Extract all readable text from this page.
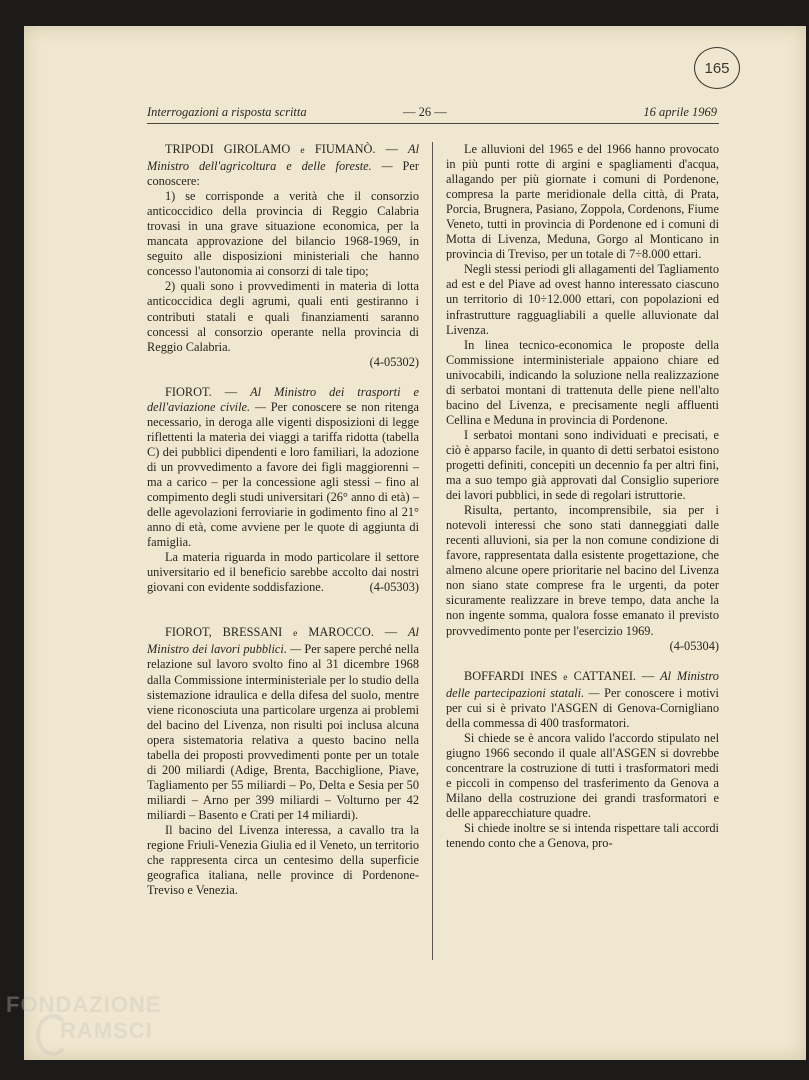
165
Interrogazioni a risposta scritta	— 26 —	16 aprile 1969

TRIPODI GIROLAMO e FIUMANÒ. — Al Ministro dell'agricoltura e delle foreste. — Per conoscere:

1) se corrisponde a verità che il consorzio anticoccidico della provincia di Reggio Calabria trovasi in una grave situazione economica, per la mancata approvazione del bilancio 1968-1969, in seguito alle disposizioni ministeriali che hanno concesso l'autonomia ai consorzi di tale tipo;

2) quali sono i provvedimenti in materia di lotta anticoccidica degli agrumi, quali enti gestiranno i contributi statali e quali finanziamenti saranno concessi al consorzio operante nella provincia di Reggio Calabria.

(4-05302)

FIOROT. — Al Ministro dei trasporti e dell'aviazione civile. — Per conoscere se non ritenga necessario, in deroga alle vigenti disposizioni di legge riflettenti la materia dei viaggi a tariffa ridotta (tabella C) dei pubblici dipendenti e loro familiari, la adozione di un provvedimento a favore dei figli maggiorenni – ma a carico – per la concessione agli stessi – fino al compimento degli studi universitari (26° anno di età) – delle agevolazioni ferroviarie in godimento fino al 21° anno di età, come avviene per le quote di aggiunta di famiglia.

La materia riguarda in modo particolare il settore universitario ed il beneficio sarebbe accolto dai nostri giovani con evidente soddisfazione.	(4-05303)

FIOROT, BRESSANI e MAROCCO. — Al Ministro dei lavori pubblici. — Per sapere perché nella relazione sul lavoro svolto fino al 31 dicembre 1968 dalla Commissione interministeriale per lo studio della sistemazione idraulica e della difesa del suolo, mentre viene riconosciuta una particolare urgenza ai problemi del bacino del Livenza, non risulti poi inclusa alcuna opera sistematoria relativa a questo bacino nella tabella dei proposti provvedimenti ponte per un totale di 200 miliardi (Adige, Brenta, Bacchiglione, Piave, Tagliamento per 55 miliardi – Po, Delta e Sesia per 50 miliardi – Arno per 399 miliardi – Volturno per 42 miliardi – Basento e Crati per 14 miliardi).

Il bacino del Livenza interessa, a cavallo tra la regione Friuli-Venezia Giulia ed il Veneto, un territorio che rappresenta circa un centesimo della superficie geografica italiana, nelle province di Pordenone-Treviso e Venezia.

Le alluvioni del 1965 e del 1966 hanno provocato in più punti rotte di argini e spagliamenti d'acqua, allagando per più giornate i comuni di Pordenone, compresa la parte meridionale della città, di Prata, Porcia, Brugnera, Pasiano, Zoppola, Cordenons, Fiume Veneto, tutti in provincia di Pordenone ed i comuni di Motta di Livenza, Meduna, Gorgo al Monticano in provincia di Treviso, per un totale di 7÷8.000 ettari.

Negli stessi periodi gli allagamenti del Tagliamento ad est e del Piave ad ovest hanno interessato ciascuno un territorio di 10÷12.000 ettari, con popolazioni ed infrastrutture ragguagliabili a quelle alluvionate dal Livenza.

In linea tecnico-economica le proposte della Commissione interministeriale appaiono chiare ed univocabili, indicando la soluzione nella realizzazione di serbatoi montani di trattenuta delle piene nell'alto bacino del Livenza, e precisamente negli affluenti Cellina e Meduna in provincia di Pordenone.

I serbatoi montani sono individuati e precisati, e ciò è apparso facile, in quanto di detti serbatoi esistono progetti definiti, concepiti un decennio fa per altri fini, ma a suo tempo già approvati dal Consiglio superiore dei lavori pubblici, in sede di regolari istruttorie.

Risulta, pertanto, incomprensibile, sia per i notevoli interessi che sono stati danneggiati dalle recenti alluvioni, sia per la non comune condizione di favore, rappresentata dalla esistente progettazione, che almeno alcune opere prioritarie nel bacino del Livenza non siano state comprese fra le urgenti, da poter sicuramente realizzare in breve tempo, data anche la non ingente somma, qualora fosse emanato il previsto provvedimento ponte per l'esercizio 1969.
(4-05304)

BOFFARDI INES e CATTANEI. — Al Ministro delle partecipazioni statali. — Per conoscere i motivi per cui si è privato l'ASGEN di Genova-Cornigliano della commessa di 400 trasformatori.

Si chiede se è ancora valido l'accordo stipulato nel giugno 1966 secondo il quale all'ASGEN si dovrebbe concentrare la costruzione di tutti i trasformatori medi e piccoli in compenso del trasferimento da Genova a Milano della costruzione dei grandi trasformatori e delle apparecchiature quadre.

Si chiede inoltre se si intenda rispettare tali accordi tenendo conto che a Genova, pro-

FONDAZIONE
RAMSCI
